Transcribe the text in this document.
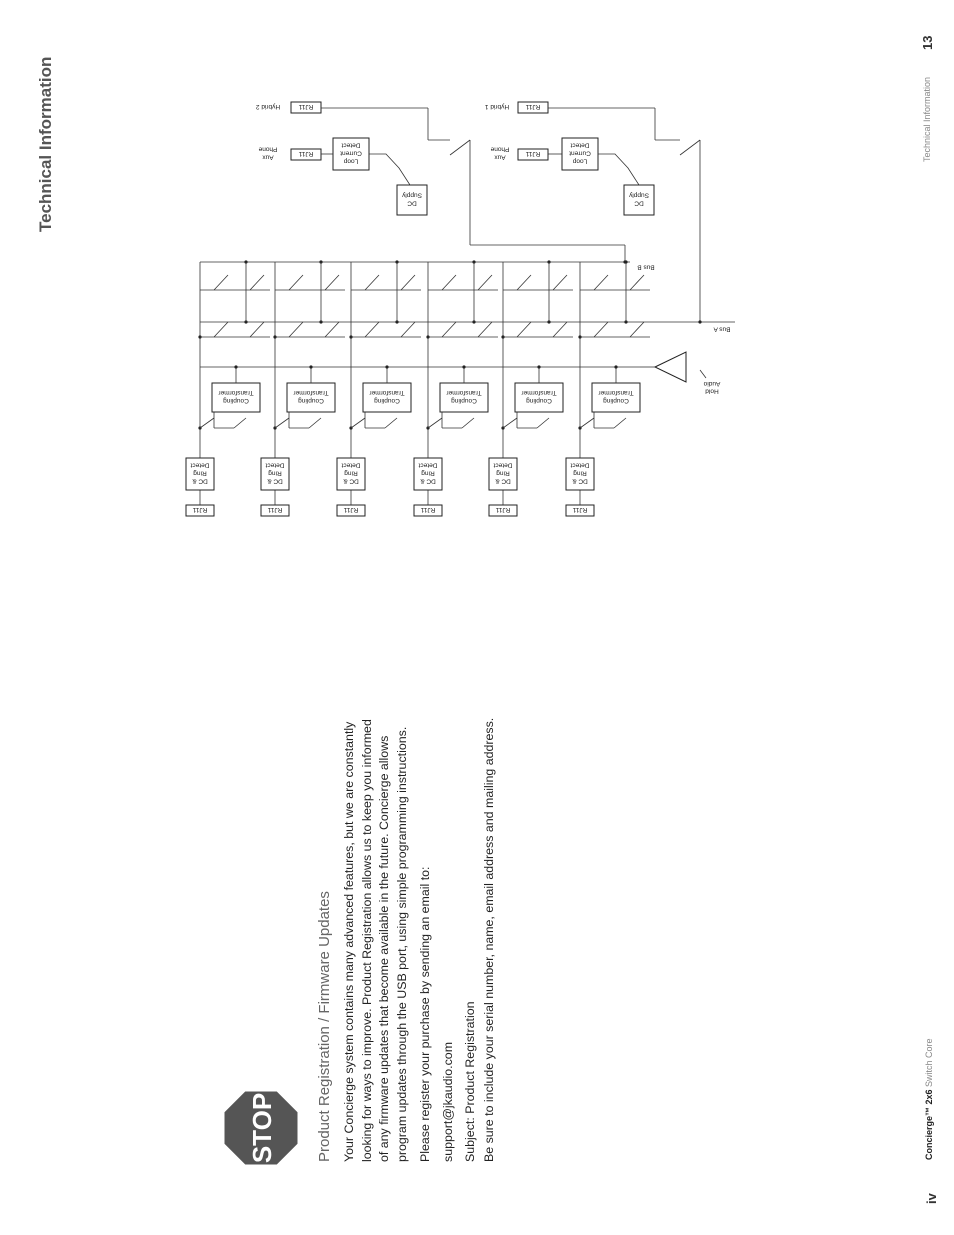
iv
Concierge™ 2x6 Switch Core
13
Technical Information
Technical Information
STOP	Product Registration / Firmware Updates Your Concierge system contains many advanced features, but we are constantly looking for ways to improve. Product Registration allows us to keep you informed of any firmware updates that become available in the future. Concierge allows program updates through the USB port, using simple programming instructions. Please register your purchase by sending an email to: support@jkaudio.com Subject: Product Registration Be sure to include your serial number, name, email address and mailing address.
Hold
Audio
Bus A
Bus B
RJ11
DC &
Ring
Detect
Coupling
Transformer
RJ11
DC &
Ring
Detect
Coupling
Transformer
RJ11
DC &
Ring
Detect
Coupling
Transformer
RJ11
DC &
Ring
Detect
Coupling
Transformer
RJ11
DC &
Ring
Detect
Coupling
Transformer
RJ11
DC &
Ring
Detect
Coupling
Transformer
Loop
Current
Detect
RJ11
Aux
Phone
DC
Supply
RJ11
Hybrid 1
Loop
Current
Detect
RJ11
Aux
Phone
DC
Supply
RJ11
Hybrid 2
